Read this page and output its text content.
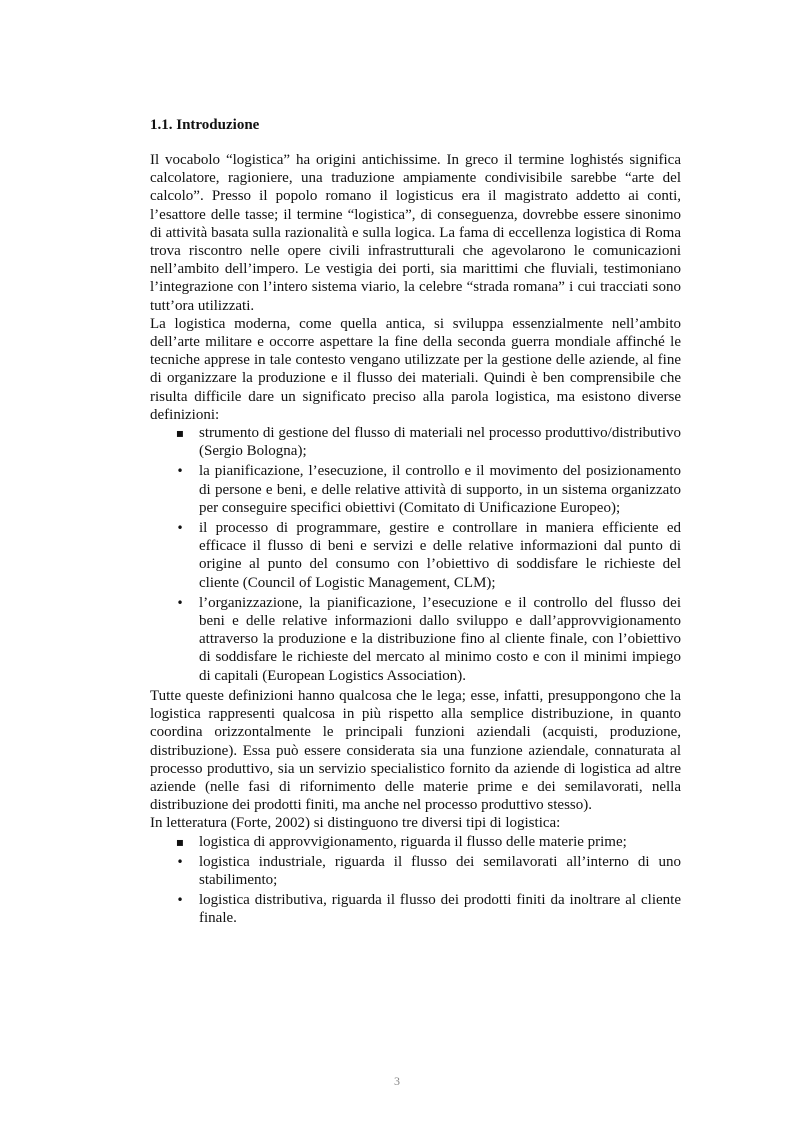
1.1. Introduzione

Il vocabolo “logistica” ha origini antichissime. In greco il termine loghistés significa calcolatore, ragioniere, una traduzione ampiamente condivisibile sarebbe “arte del calcolo”. Presso il popolo romano il logisticus era il magistrato addetto ai conti, l’esattore delle tasse; il termine “logistica”, di conseguenza, dovrebbe essere sinonimo di attività basata sulla razionalità e sulla logica. La fama di eccellenza logistica di Roma trova riscontro nelle opere civili infrastrutturali che agevolarono le comunicazioni nell’ambito dell’impero. Le vestigia dei porti, sia marittimi che fluviali, testimoniano l’integrazione con l’intero sistema viario, la celebre “strada romana” i cui tracciati sono tutt’ora utilizzati.

La logistica moderna, come quella antica, si sviluppa essenzialmente nell’ambito dell’arte militare e occorre aspettare la fine della seconda guerra mondiale affinché le tecniche apprese in tale contesto vengano utilizzate per la gestione delle aziende, al fine di organizzare la produzione e il flusso dei materiali. Quindi è ben comprensibile che risulta difficile dare un significato preciso alla parola logistica, ma esistono diverse definizioni:

▪ strumento di gestione del flusso di materiali nel processo produttivo/distributivo (Sergio Bologna);
• la pianificazione, l’esecuzione, il controllo e il movimento del posizionamento di persone e beni, e delle relative attività di supporto, in un sistema organizzato per conseguire specifici obiettivi (Comitato di Unificazione Europeo);
• il processo di programmare, gestire e controllare in maniera efficiente ed efficace il flusso di beni e servizi e delle relative informazioni dal punto di origine al punto del consumo con l’obiettivo di soddisfare le richieste del cliente (Council of Logistic Management, CLM);
• l’organizzazione, la pianificazione, l’esecuzione e il controllo del flusso dei beni e delle relative informazioni dallo sviluppo e dall’approvvigionamento attraverso la produzione e la distribuzione fino al cliente finale, con l’obiettivo di soddisfare le richieste del mercato al minimo costo e con il minimi impiego di capitali (European Logistics Association).

Tutte queste definizioni hanno qualcosa che le lega; esse, infatti, presuppongono che la logistica rappresenti qualcosa in più rispetto alla semplice distribuzione, in quanto coordina orizzontalmente le principali funzioni aziendali (acquisti, produzione, distribuzione). Essa può essere considerata sia una funzione aziendale, connaturata al processo produttivo, sia un servizio specialistico fornito da aziende di logistica ad altre aziende (nelle fasi di rifornimento delle materie prime e dei semilavorati, nella distribuzione dei prodotti finiti, ma anche nel processo produttivo stesso).

In letteratura (Forte, 2002) si distinguono tre diversi tipi di logistica:

▪ logistica di approvvigionamento, riguarda il flusso delle materie prime;
• logistica industriale, riguarda il flusso dei semilavorati all’interno di uno stabilimento;
• logistica distributiva, riguarda il flusso dei prodotti finiti da inoltrare al cliente finale.
3
